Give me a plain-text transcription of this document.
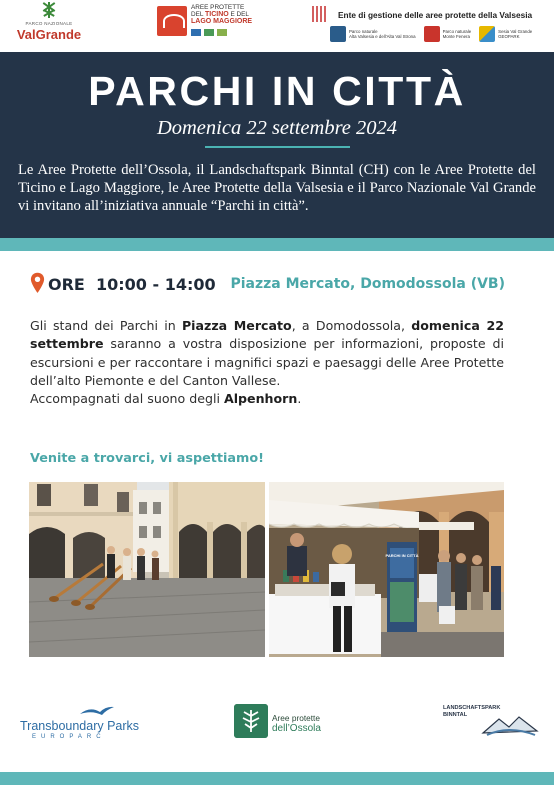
PARCO NAZIONALE
ValGrande
AREE PROTETTE
DEL TICINO E DEL
LAGO MAGGIORE
Ente di gestione delle aree protette della Valsesia
Parco naturale
Alta Valsesia e dell'Alta Val Strona
Parco naturale
Monte Fenera
Sesia Val Grande
GEOPARK
PARCHI IN CITTÀ
Domenica 22 settembre 2024

Le Aree Protette dell’Ossola, il Landschaftspark Binntal (CH) con le Aree Protette del Ticino e Lago Maggiore, le Aree Protette della Valsesia e il Parco Nazionale Val Grande vi invitano all’iniziativa annuale “Parchi in città”.

ORE  10:00 - 14:00 Piazza Mercato, Domodossola (VB)
Gli stand dei Parchi in Piazza Mercato, a Domodossola, domenica 22 settembre saranno a vostra disposizione per informazioni, proposte di escursioni e per raccontare i magnifici spazi e paesaggi delle Aree Protette dell’alto Piemonte e del Canton Vallese.
Accompagnati dal suono degli Alpenhorn.
Venite a trovarci, vi aspettiamo!
PARCHI IN CITTÀ
Transboundary Parks
EUROPARC
Aree protette
dell’Ossola
LANDSCHAFTSPARK
BINNTAL
